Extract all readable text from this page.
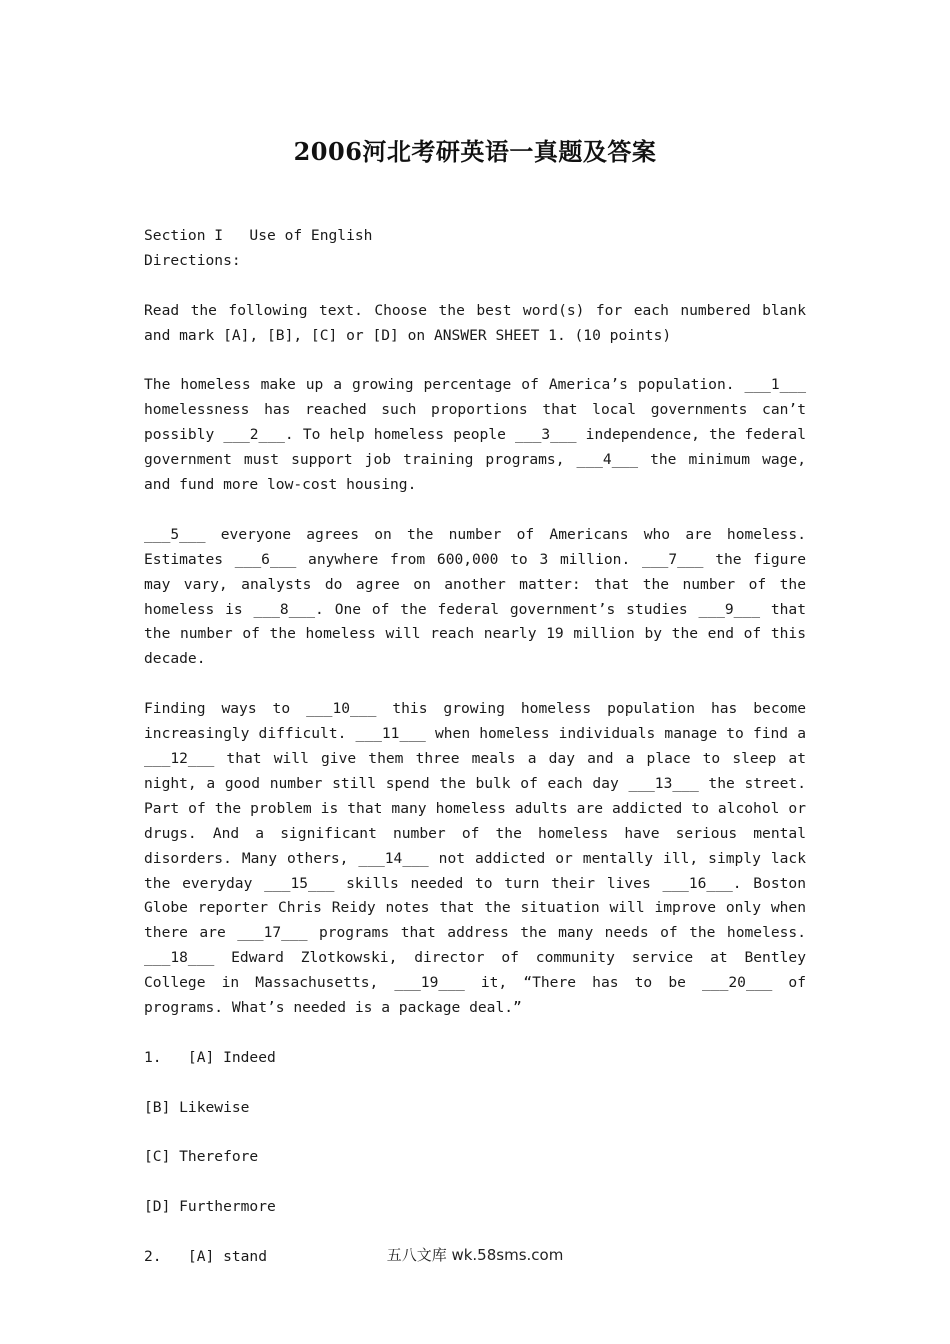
2006河北考研英语一真题及答案
Section I   Use of English
Directions:
Read the following text. Choose the best word(s) for each numbered blank and mark [A], [B], [C] or [D] on ANSWER SHEET 1. (10 points)
The homeless make up a growing percentage of America’s population. ___1___ homelessness has reached such proportions that local governments can’t possibly ___2___. To help homeless people ___3___ independence, the federal government must support job training programs, ___4___ the minimum wage, and fund more low-cost housing.
___5___ everyone agrees on the number of Americans who are homeless. Estimates ___6___ anywhere from 600,000 to 3 million. ___7___ the figure may vary, analysts do agree on another matter: that the number of the homeless is ___8___. One of the federal government’s studies ___9___ that the number of the homeless will reach nearly 19 million by the end of this decade.
Finding ways to ___10___ this growing homeless population has become increasingly difficult. ___11___ when homeless individuals manage to find a ___12___ that will give them three meals a day and a place to sleep at night, a good number still spend the bulk of each day ___13___ the street. Part of the problem is that many homeless adults are addicted to alcohol or drugs. And a significant number of the homeless have serious mental disorders. Many others, ___14___ not addicted or mentally ill, simply lack the everyday ___15___ skills needed to turn their lives ___16___. Boston Globe reporter Chris Reidy notes that the situation will improve only when there are ___17___ programs that address the many needs of the homeless. ___18___ Edward Zlotkowski, director of community service at Bentley College in Massachusetts, ___19___ it, “There has to be ___20___ of programs. What’s needed is a package deal.”
1.   [A] Indeed
[B] Likewise
[C] Therefore
[D] Furthermore
2.   [A] stand	五八文库 wk.58sms.com
